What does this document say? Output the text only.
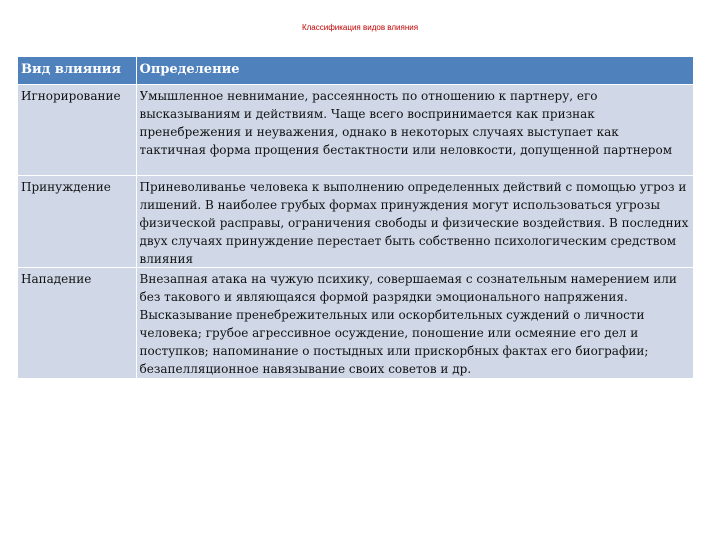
Классификация видов влияния
Вид влияния	Определение

Игнорирование	Умышленное невнимание, рассеянность по отношению к партнеру, его высказываниям и действиям. Чаще всего воспринимается как признак пренебрежения и неуважения, однако в некоторых случаях выступает как тактичная форма прощения бестактности или неловкости, допущенной партнером

Принуждение	Приневоливанье человека к выполнению определенных действий с помощью угроз и лишений. В наиболее грубых формах принуждения могут использоваться угрозы физической расправы, ограничения свободы и физические воздействия. В последних двух случаях принуждение перестает быть собственно психологическим средством влияния

Нападение	Внезапная атака на чужую психику, совершаемая с сознательным намерением или без такового и являющаяся формой разрядки эмоционального напряжения. Высказывание пренебрежительных или оскорбительных суждений о личности человека; грубое агрессивное осуждение, поношение или осмеяние его дел и поступков; напоминание о постыдных или прискорбных фактах его биографии; безапелляционное навязывание своих советов и др.
